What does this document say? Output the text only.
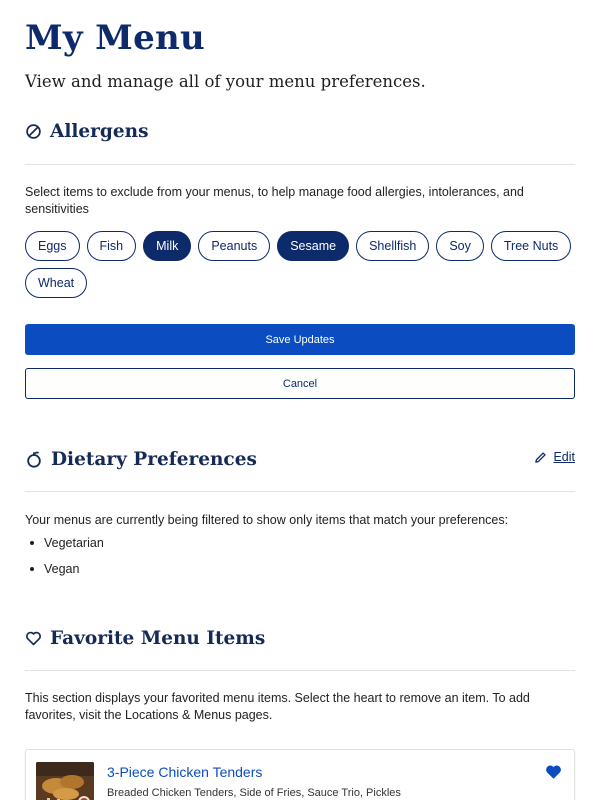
My Menu

View and manage all of your menu preferences.

Allergens

Select items to exclude from your menus, to help manage food allergies, intolerances, and sensitivities

Eggs	Fish	Milk	Peanuts	Sesame	Shellfish	Soy	Tree Nuts
Wheat
Save Updates
Cancel
Dietary Preferences	Edit

Your menus are currently being filtered to show only items that match your preferences:

Vegetarian
Vegan
Favorite Menu Items

This section displays your favorited menu items. Select the heart to remove an item. To add favorites, visit the Locations & Menus pages.

3-Piece Chicken Tenders
Breaded Chicken Tenders, Side of Fries, Sauce Trio, Pickles
